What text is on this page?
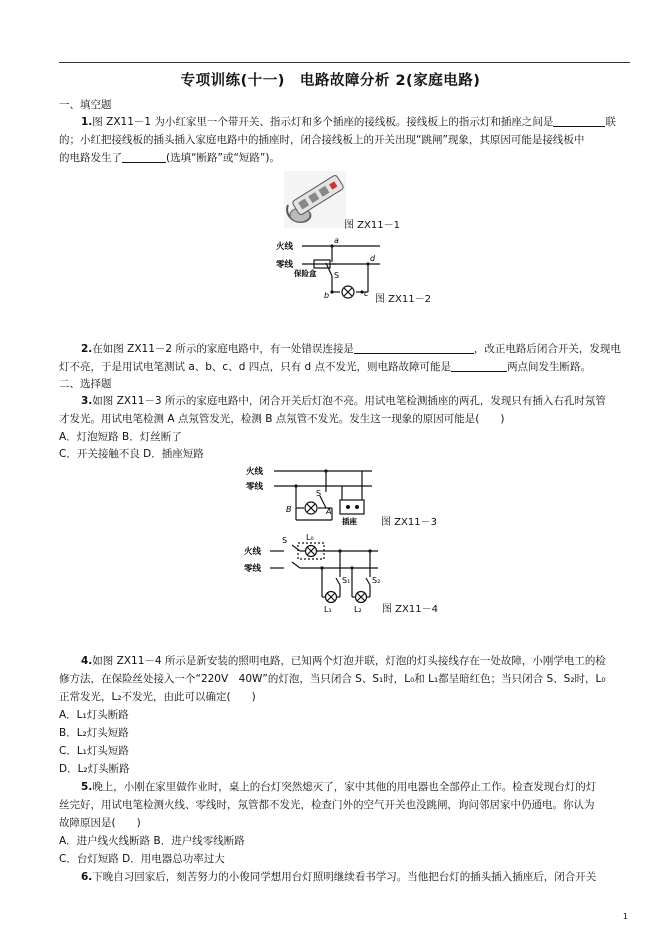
专项训练(十一)　电路故障分析 2(家庭电路)
一、填空题
1.图 ZX11－1 为小红家里一个带开关、指示灯和多个插座的接线板。接线板上的指示灯和插座之间是	联
的；小红把接线板的插头插入家庭电路中的插座时，闭合接线板上的开关出现“跳闸”现象，其原因可能是接线板中
的电路发生了	(选填“断路”或“短路”)。
图 ZX11－1
火线
零线
保险盒 S
a
b	c
d
图 ZX11－2
2.在如图 ZX11－2 所示的家庭电路中，有一处错误连接是	，改正电路后闭合开关，发现电
灯不亮，于是用试电笔测试 a、b、c、d 四点，只有 d 点不发光，则电路故障可能是	两点间发生断路。
二、选择题
3.如图 ZX11－3 所示的家庭电路中，闭合开关后灯泡不亮。用试电笔检测插座的两孔，发现只有插入右孔时氖管
才发光。用试电笔检测 A 点氖管发光，检测 B 点氖管不发光。发生这一现象的原因可能是(　　)
A．灯泡短路 B．灯丝断了
C．开关接触不良 D．插座短路
火线
零线
S
A
B
插座 图 ZX11－3
火线
零线
S L₀
S₁	S₂
L₁	L₂ 图 ZX11－4
4.如图 ZX11－4 所示是新安装的照明电路，已知两个灯泡并联，灯泡的灯头接线存在一处故障，小刚学电工的检
修方法，在保险丝处接入一个“220V　40W”的灯泡，当只闭合 S、S₁时，L₀和 L₁都呈暗红色；当只闭合 S、S₂时，L₀
正常发光，L₂不发光，由此可以确定(　　)
A．L₁灯头断路
B．L₂灯头短路
C．L₁灯头短路
D．L₂灯头断路
5.晚上，小刚在家里做作业时，桌上的台灯突然熄灭了，家中其他的用电器也全部停止工作。检查发现台灯的灯
丝完好，用试电笔检测火线、零线时，氖管都不发光，检查门外的空气开关也没跳闸，询问邻居家中仍通电。你认为
故障原因是(　　)
A．进户线火线断路 B．进户线零线断路
C．台灯短路 D．用电器总功率过大
6.下晚自习回家后，刻苦努力的小俊同学想用台灯照明继续看书学习。当他把台灯的插头插入插座后，闭合开关
1
